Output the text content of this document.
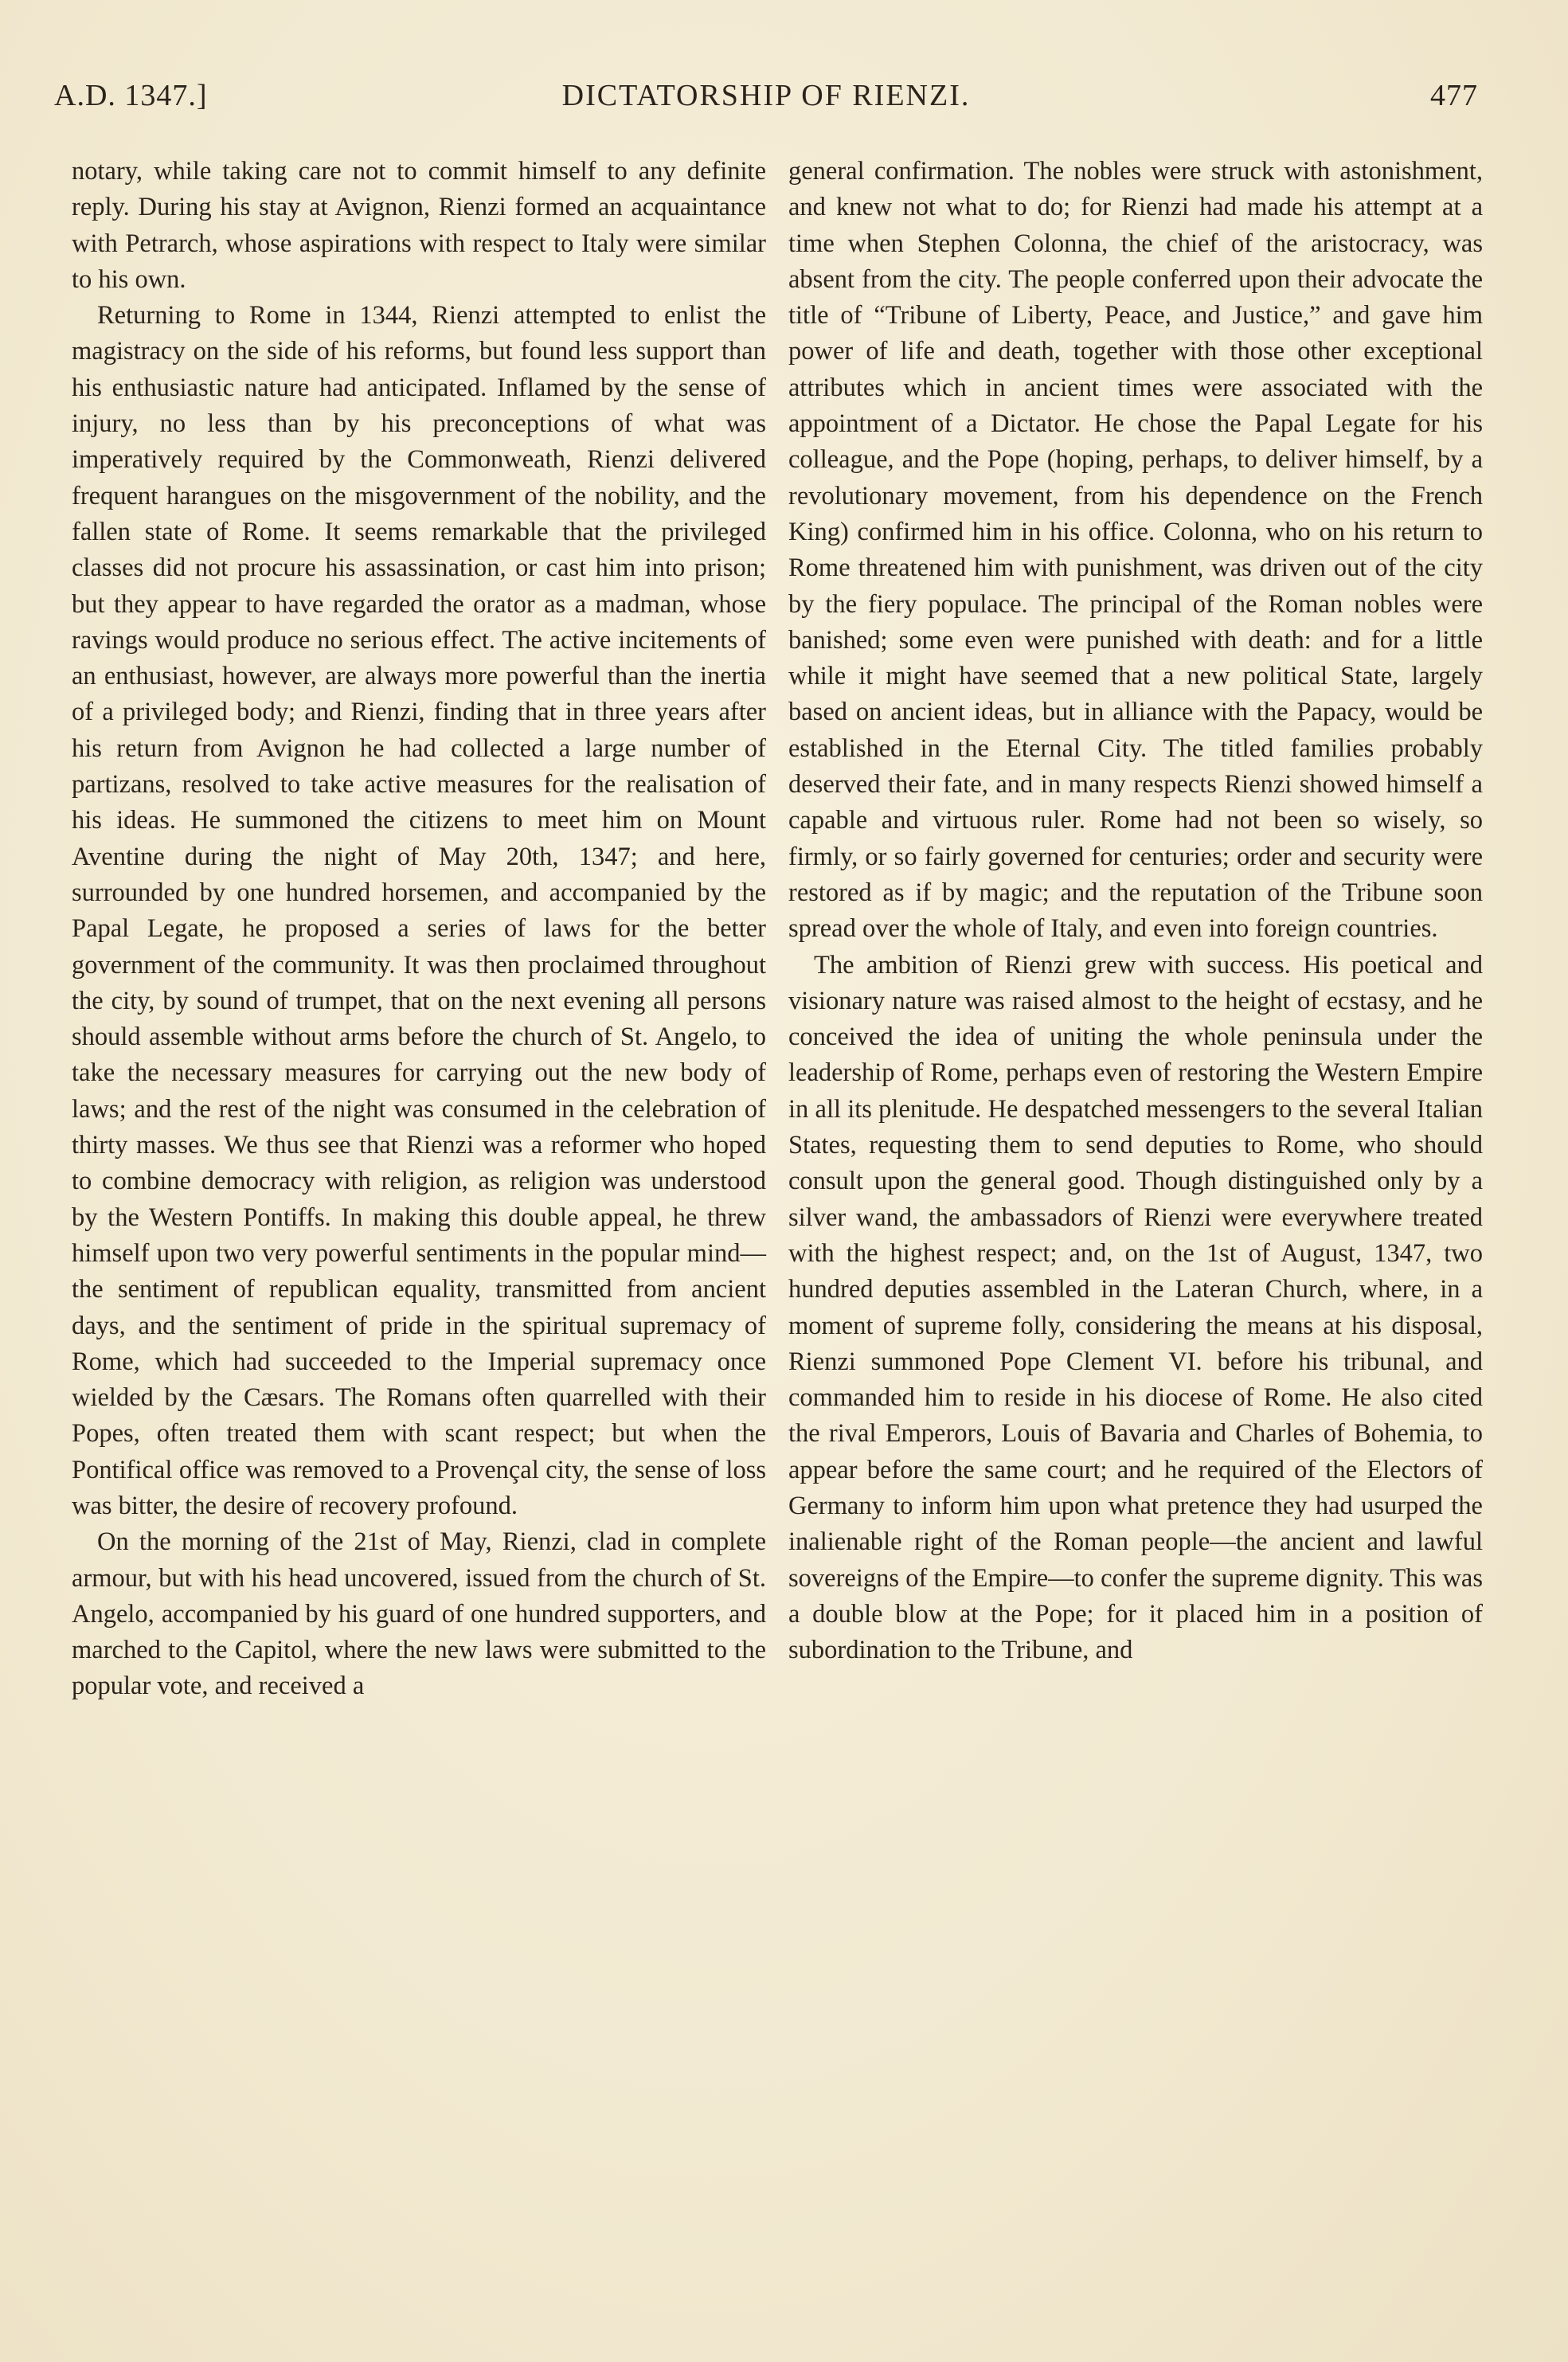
A.D. 1347.]	DICTATORSHIP OF RIENZI.	477

notary, while taking care not to commit himself to any definite reply. During his stay at Avignon, Rienzi formed an acquaintance with Petrarch, whose aspirations with respect to Italy were similar to his own.

Returning to Rome in 1344, Rienzi attempted to enlist the magistracy on the side of his reforms, but found less support than his enthusiastic nature had anticipated. Inflamed by the sense of injury, no less than by his preconceptions of what was imperatively required by the Commonweath, Rienzi delivered frequent harangues on the misgovernment of the nobility, and the fallen state of Rome. It seems remarkable that the privileged classes did not procure his assassination, or cast him into prison; but they appear to have regarded the orator as a madman, whose ravings would produce no serious effect. The active incitements of an enthusiast, however, are always more powerful than the inertia of a privileged body; and Rienzi, finding that in three years after his return from Avignon he had collected a large number of partizans, resolved to take active measures for the realisation of his ideas. He summoned the citizens to meet him on Mount Aventine during the night of May 20th, 1347; and here, surrounded by one hundred horsemen, and accompanied by the Papal Legate, he proposed a series of laws for the better government of the community. It was then proclaimed throughout the city, by sound of trumpet, that on the next evening all persons should assemble without arms before the church of St. Angelo, to take the necessary measures for carrying out the new body of laws; and the rest of the night was consumed in the celebration of thirty masses. We thus see that Rienzi was a reformer who hoped to combine democracy with religion, as religion was understood by the Western Pontiffs. In making this double appeal, he threw himself upon two very powerful sentiments in the popular mind—the sentiment of republican equality, transmitted from ancient days, and the sentiment of pride in the spiritual supremacy of Rome, which had succeeded to the Imperial supremacy once wielded by the Cæsars. The Romans often quarrelled with their Popes, often treated them with scant respect; but when the Pontifical office was removed to a Provençal city, the sense of loss was bitter, the desire of recovery profound.

On the morning of the 21st of May, Rienzi, clad in complete armour, but with his head uncovered, issued from the church of St. Angelo, accompanied by his guard of one hundred supporters, and marched to the Capitol, where the new laws were submitted to the popular vote, and received a

general confirmation. The nobles were struck with astonishment, and knew not what to do; for Rienzi had made his attempt at a time when Stephen Colonna, the chief of the aristocracy, was absent from the city. The people conferred upon their advocate the title of “Tribune of Liberty, Peace, and Justice,” and gave him power of life and death, together with those other exceptional attributes which in ancient times were associated with the appointment of a Dictator. He chose the Papal Legate for his colleague, and the Pope (hoping, perhaps, to deliver himself, by a revolutionary movement, from his dependence on the French King) confirmed him in his office. Colonna, who on his return to Rome threatened him with punishment, was driven out of the city by the fiery populace. The principal of the Roman nobles were banished; some even were punished with death: and for a little while it might have seemed that a new political State, largely based on ancient ideas, but in alliance with the Papacy, would be established in the Eternal City. The titled families probably deserved their fate, and in many respects Rienzi showed himself a capable and virtuous ruler. Rome had not been so wisely, so firmly, or so fairly governed for centuries; order and security were restored as if by magic; and the reputation of the Tribune soon spread over the whole of Italy, and even into foreign countries.

The ambition of Rienzi grew with success. His poetical and visionary nature was raised almost to the height of ecstasy, and he conceived the idea of uniting the whole peninsula under the leadership of Rome, perhaps even of restoring the Western Empire in all its plenitude. He despatched messengers to the several Italian States, requesting them to send deputies to Rome, who should consult upon the general good. Though distinguished only by a silver wand, the ambassadors of Rienzi were everywhere treated with the highest respect; and, on the 1st of August, 1347, two hundred deputies assembled in the Lateran Church, where, in a moment of supreme folly, considering the means at his disposal, Rienzi summoned Pope Clement VI. before his tribunal, and commanded him to reside in his diocese of Rome. He also cited the rival Emperors, Louis of Bavaria and Charles of Bohemia, to appear before the same court; and he required of the Electors of Germany to inform him upon what pretence they had usurped the inalienable right of the Roman people—the ancient and lawful sovereigns of the Empire—to confer the supreme dignity. This was a double blow at the Pope; for it placed him in a position of subordination to the Tribune, and
